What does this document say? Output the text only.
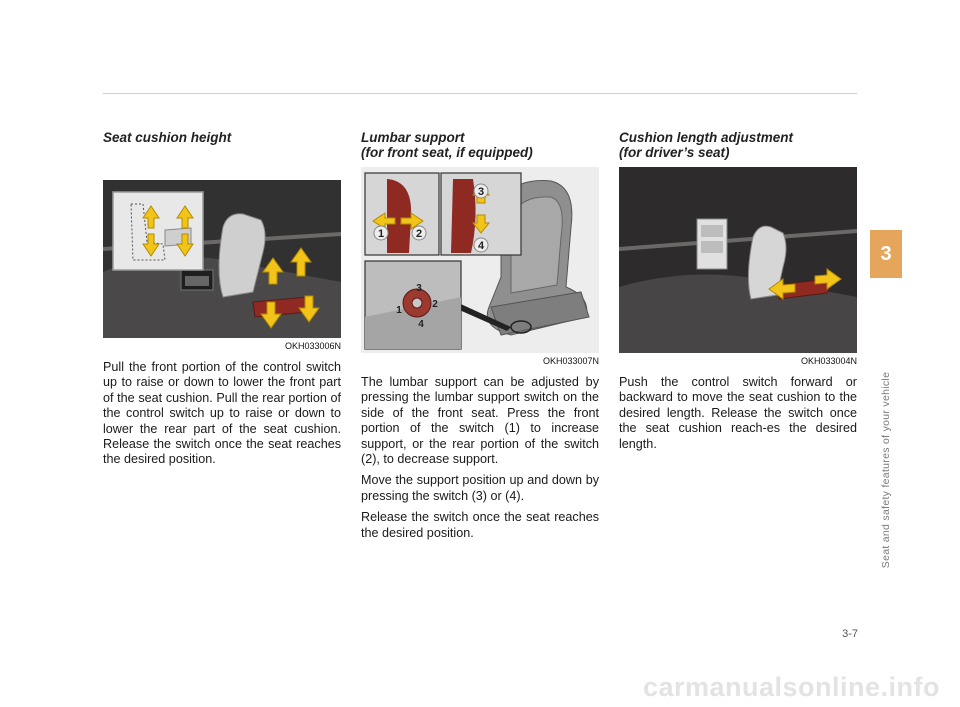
Seat cushion height
OKH033006N

Pull the front portion of the control switch up to raise or down to lower the front part of the seat cushion. Pull the rear portion of the control switch up to raise or down to lower the rear part of the seat cushion. Release the switch once the seat reaches the desired position.

Lumbar support
(for front seat, if equipped)
1	2
3
4
3
2
1
4
OKH033007N

The lumbar support can be adjusted by pressing the lumbar support switch on the side of the front seat. Press the front portion of the switch (1) to increase support, or the rear portion of the switch (2), to decrease support.

Move the support position up and down by pressing the switch (3) or (4).

Release the switch once the seat reaches the desired position.

Cushion length adjustment
(for driver’s seat)
OKH033004N

Push the control switch forward or backward to move the seat cushion to the desired length. Release the switch once the seat cushion reach-es the desired length.

3
Seat and safety features of your vehicle
3-7
carmanualsonline.info
